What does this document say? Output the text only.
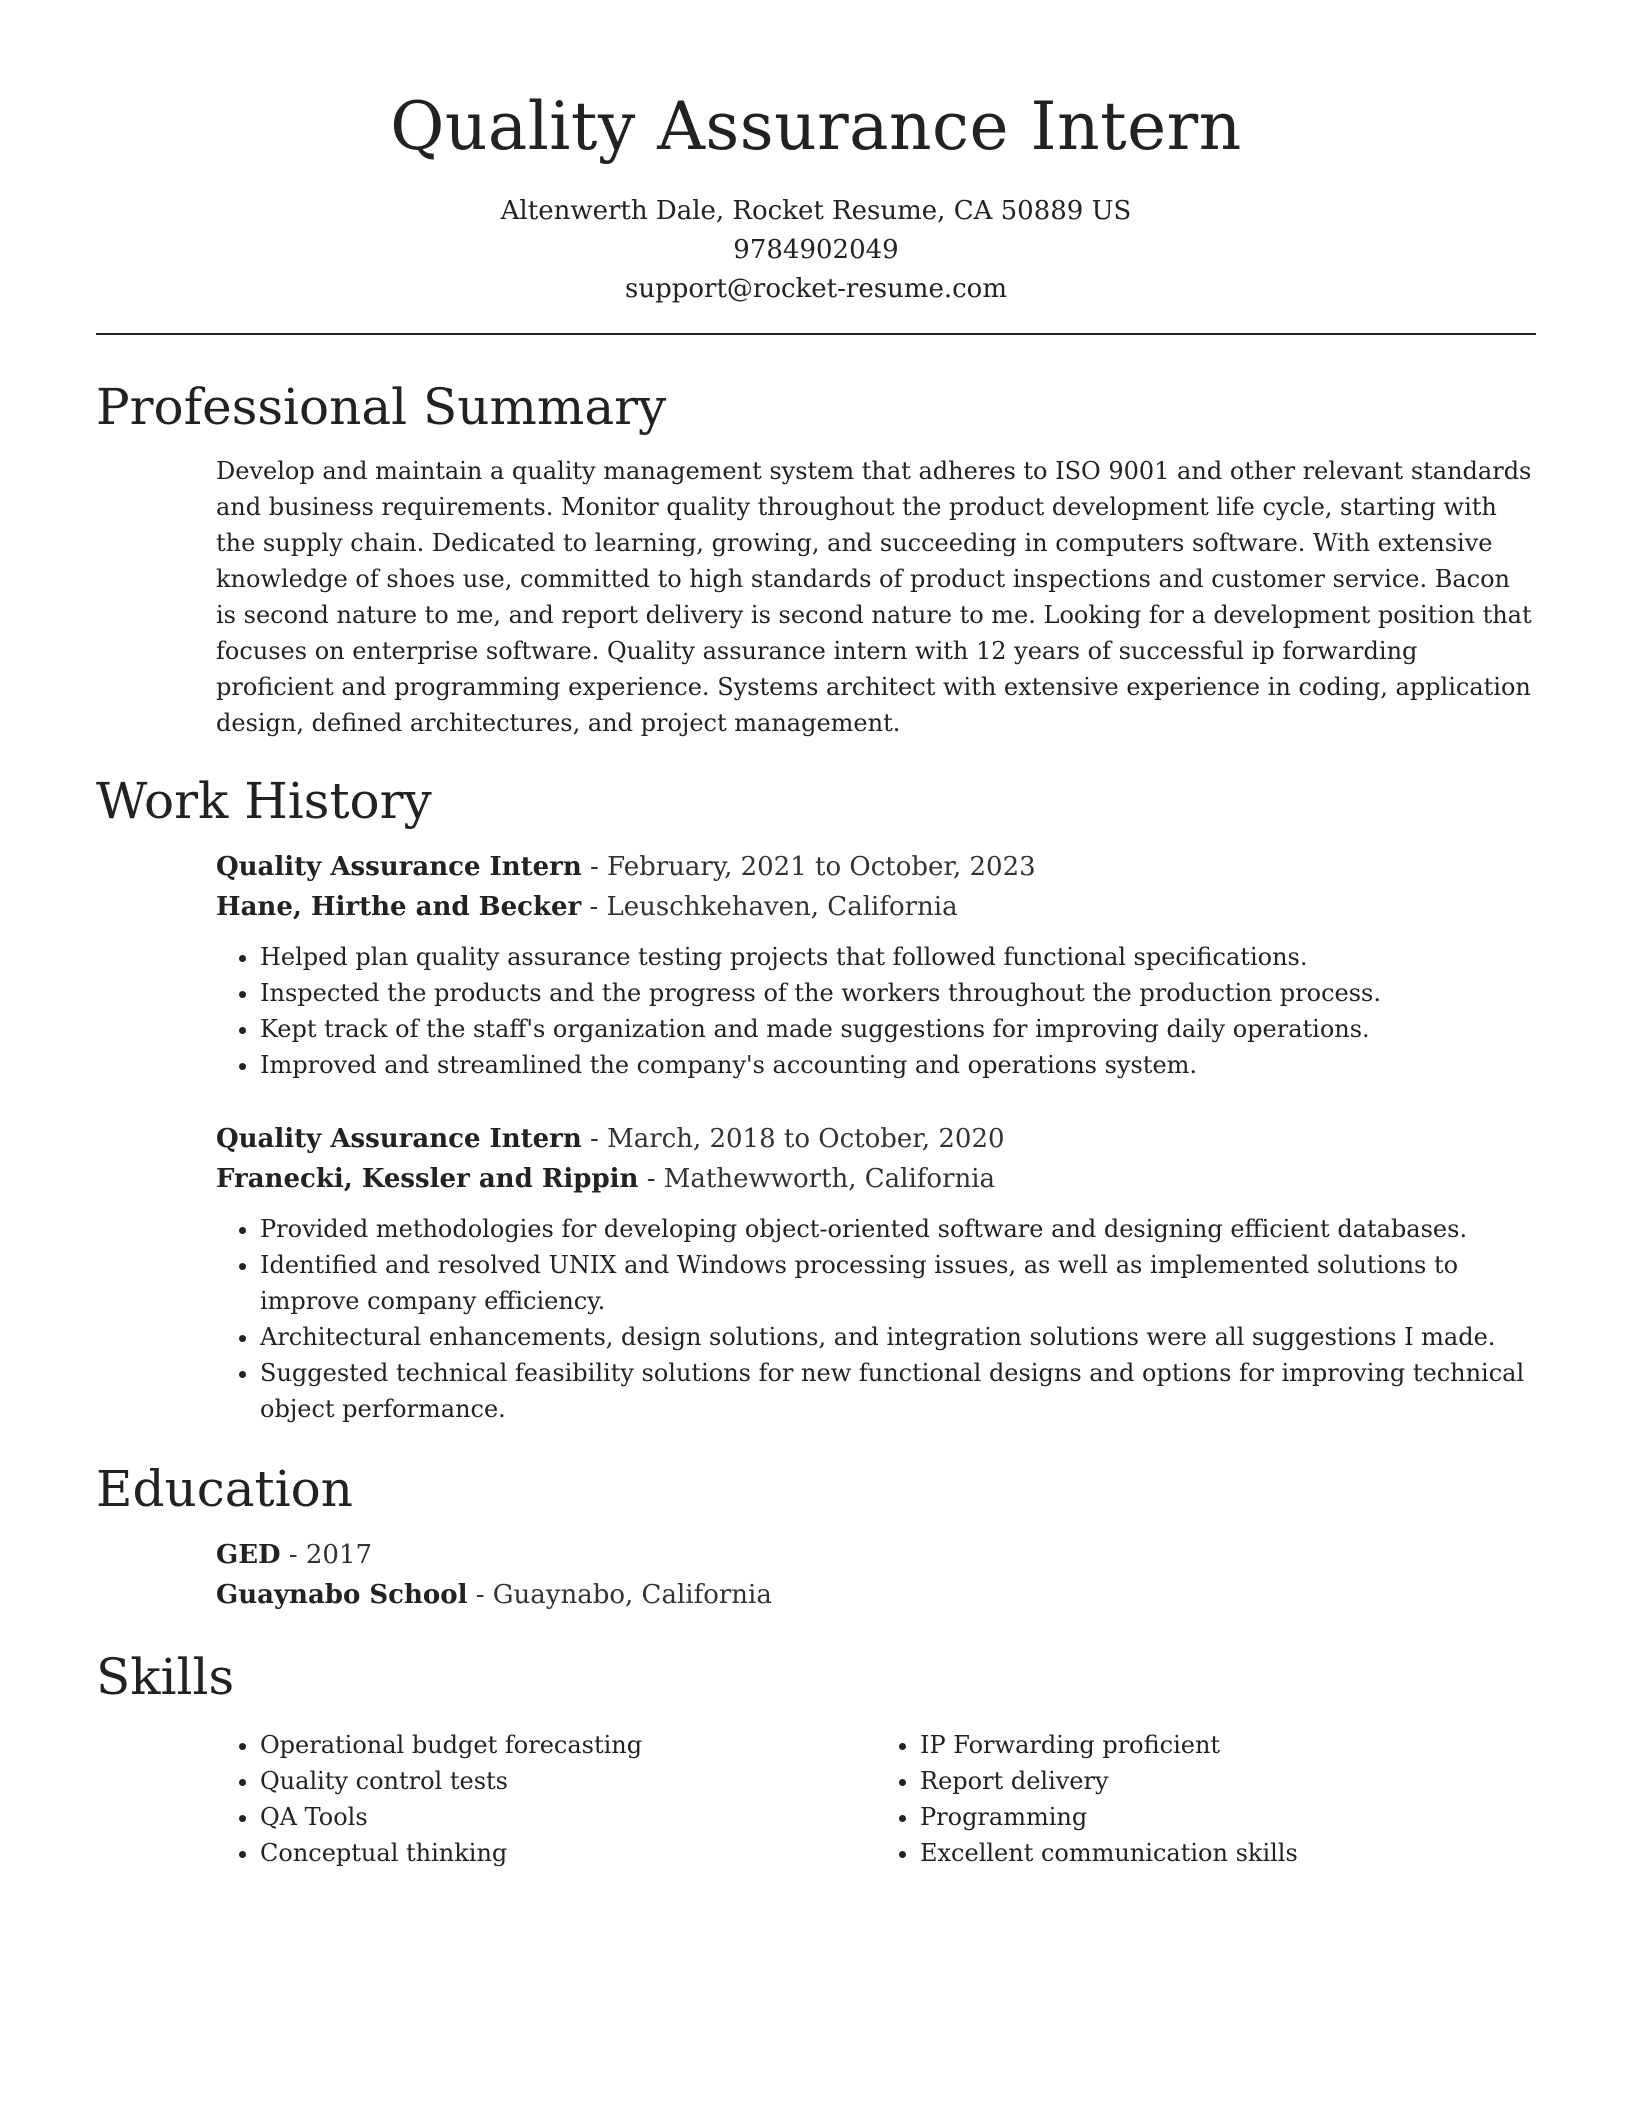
Quality Assurance Intern
Altenwerth Dale, Rocket Resume, CA 50889 US
9784902049
support@rocket-resume.com
Professional Summary
Develop and maintain a quality management system that adheres to ISO 9001 and other relevant standards and business requirements. Monitor quality throughout the product development life cycle, starting with the supply chain. Dedicated to learning, growing, and succeeding in computers software. With extensive knowledge of shoes use, committed to high standards of product inspections and customer service. Bacon is second nature to me, and report delivery is second nature to me. Looking for a development position that focuses on enterprise software. Quality assurance intern with 12 years of successful ip forwarding proficient and programming experience. Systems architect with extensive experience in coding, application design, defined architectures, and project management.
Work History
Quality Assurance Intern - February, 2021 to October, 2023
Hane, Hirthe and Becker - Leuschkehaven, California
• Helped plan quality assurance testing projects that followed functional specifications.
• Inspected the products and the progress of the workers throughout the production process.
• Kept track of the staff's organization and made suggestions for improving daily operations.
• Improved and streamlined the company's accounting and operations system.
Quality Assurance Intern - March, 2018 to October, 2020
Franecki, Kessler and Rippin - Mathewworth, California
• Provided methodologies for developing object-oriented software and designing efficient databases.
• Identified and resolved UNIX and Windows processing issues, as well as implemented solutions to improve company efficiency.
• Architectural enhancements, design solutions, and integration solutions were all suggestions I made.
• Suggested technical feasibility solutions for new functional designs and options for improving technical object performance.
Education
GED - 2017
Guaynabo School - Guaynabo, California
Skills
• Operational budget forecasting
• Quality control tests
• QA Tools
• Conceptual thinking
• IP Forwarding proficient
• Report delivery
• Programming
• Excellent communication skills
